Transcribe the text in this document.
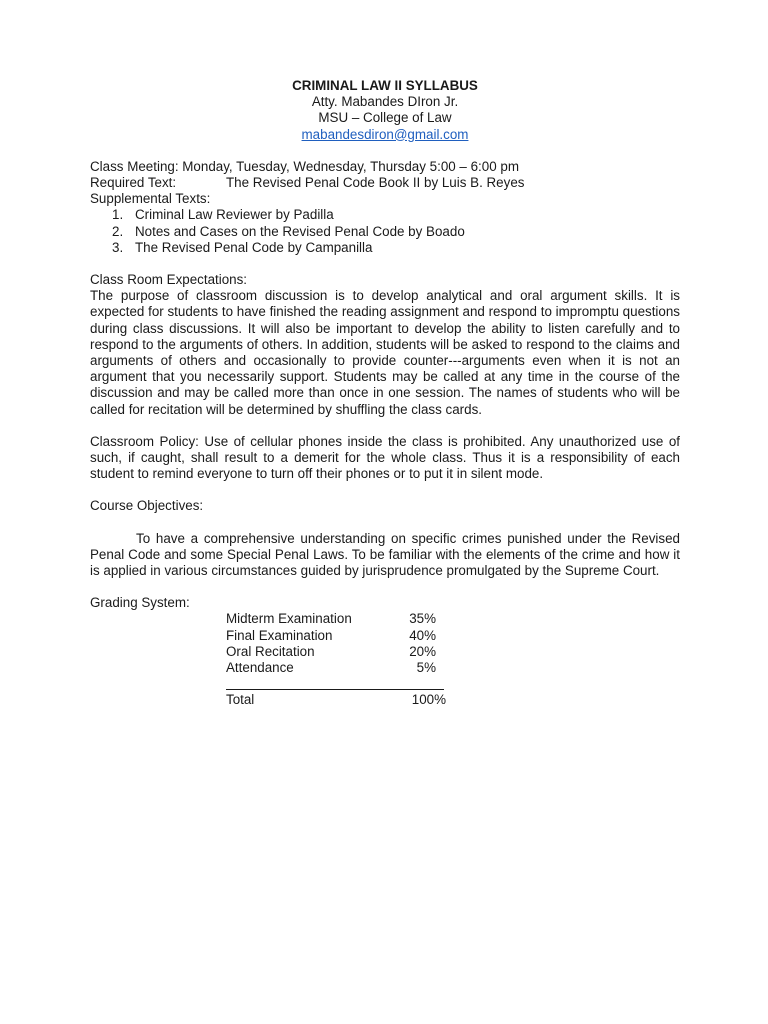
CRIMINAL LAW II SYLLABUS
Atty. Mabandes DIron Jr.
MSU – College of Law
mabandesdiron@gmail.com
Class Meeting: Monday, Tuesday, Wednesday, Thursday 5:00 – 6:00 pm
Required Text:	The Revised Penal Code Book II by Luis B. Reyes
Supplemental Texts:
1. Criminal Law Reviewer by Padilla
2. Notes and Cases on the Revised Penal Code by Boado
3. The Revised Penal Code by Campanilla
Class Room Expectations:

The purpose of classroom discussion is to develop analytical and oral argument skills. It is expected for students to have finished the reading assignment and respond to impromptu questions during class discussions. It will also be important to develop the ability to listen carefully and to respond to the arguments of others. In addition, students will be asked to respond to the claims and arguments of others and occasionally to provide counter---arguments even when it is not an argument that you necessarily support. Students may be called at any time in the course of the discussion and may be called more than once in one session. The names of students who will be called for recitation will be determined by shuffling the class cards.

Classroom Policy: Use of cellular phones inside the class is prohibited. Any unauthorized use of such, if caught, shall result to a demerit for the whole class. Thus it is a responsibility of each student to remind everyone to turn off their phones or to put it in silent mode.

Course Objectives:

To have a comprehensive understanding on specific crimes punished under the Revised Penal Code and some Special Penal Laws. To be familiar with the elements of the crime and how it is applied in various circumstances guided by jurisprudence promulgated by the Supreme Court.

Grading System:
Midterm Examination	35%
Final Examination	40%
Oral Recitation	20%
Attendance	5%
Total	100%
